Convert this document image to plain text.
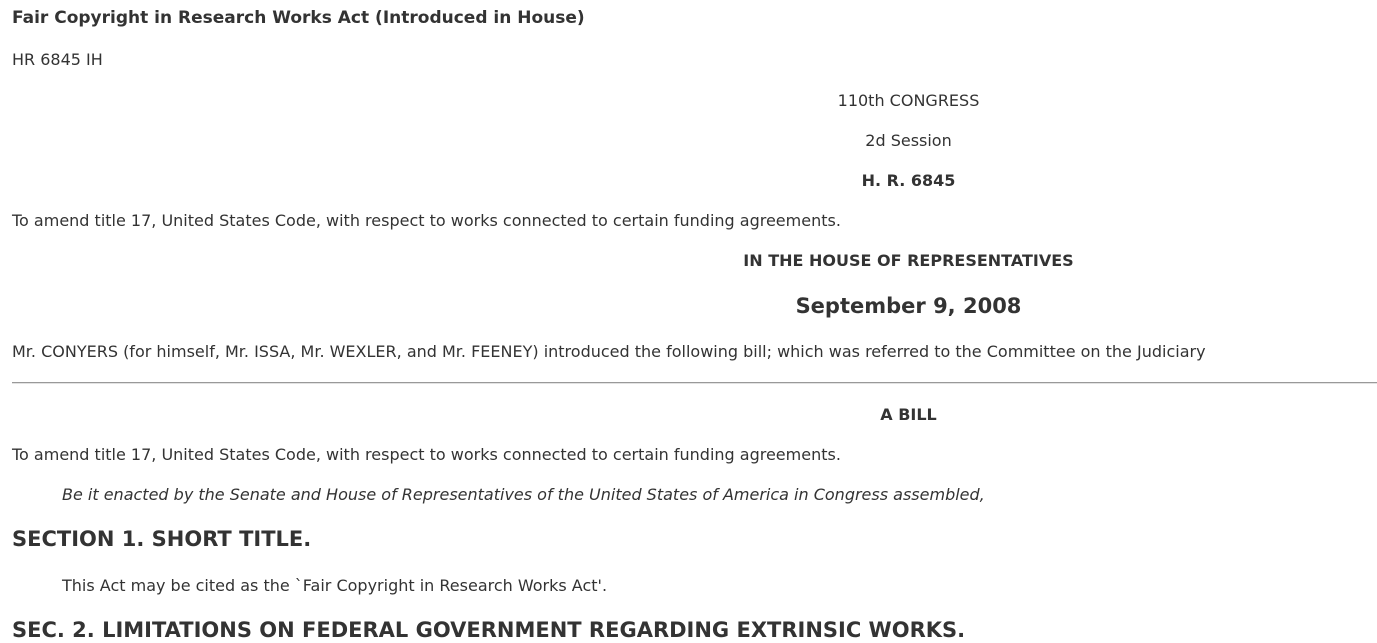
Fair Copyright in Research Works Act (Introduced in House)

HR 6845 IH

110th CONGRESS

2d Session

H. R. 6845

To amend title 17, United States Code, with respect to works connected to certain funding agreements.

IN THE HOUSE OF REPRESENTATIVES

September 9, 2008

Mr. CONYERS (for himself, Mr. ISSA, Mr. WEXLER, and Mr. FEENEY) introduced the following bill; which was referred to the Committee on the Judiciary

A BILL

To amend title 17, United States Code, with respect to works connected to certain funding agreements.

Be it enacted by the Senate and House of Representatives of the United States of America in Congress assembled,

SECTION 1. SHORT TITLE.

This Act may be cited as the `Fair Copyright in Research Works Act'.

SEC. 2. LIMITATIONS ON FEDERAL GOVERNMENT REGARDING EXTRINSIC WORKS.
